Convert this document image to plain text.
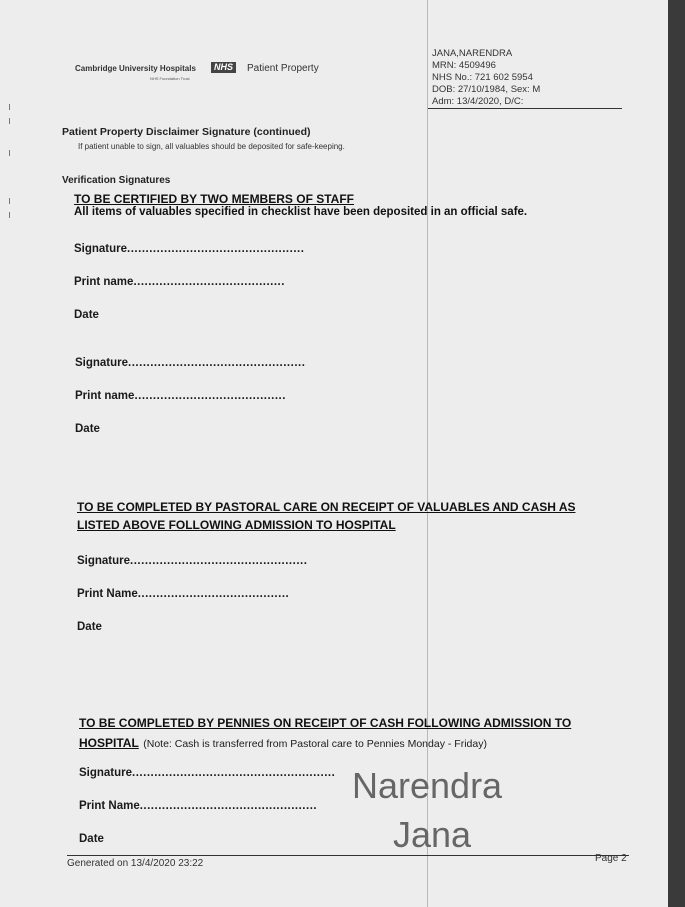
Cambridge University Hospitals	NHS
NHS Foundation Trust
Patient Property
JANA,NARENDRA
MRN: 4509496
NHS No.: 721 602 5954
DOB: 27/10/1984, Sex: M
Adm: 13/4/2020, D/C:
Patient Property Disclaimer Signature (continued)
If patient unable to sign, all valuables should be deposited for safe-keeping.
Verification Signatures
TO BE CERTIFIED BY TWO MEMBERS OF STAFF
All items of valuables specified in checklist have been deposited in an official safe.
Signature................................................
Print name.........................................
Date
Signature................................................
Print name.........................................
Date
TO BE COMPLETED BY PASTORAL CARE ON RECEIPT OF VALUABLES AND CASH AS
LISTED ABOVE FOLLOWING ADMISSION TO HOSPITAL
Signature................................................
Print Name.........................................
Date
TO BE COMPLETED BY PENNIES ON RECEIPT OF CASH FOLLOWING ADMISSION TO
HOSPITAL (Note: Cash is transferred from Pastoral care to Pennies Monday - Friday)
Signature.......................................................
Print Name................................................
Date
Narendra
Jana
Generated on 13/4/2020 23:22	Page 2
